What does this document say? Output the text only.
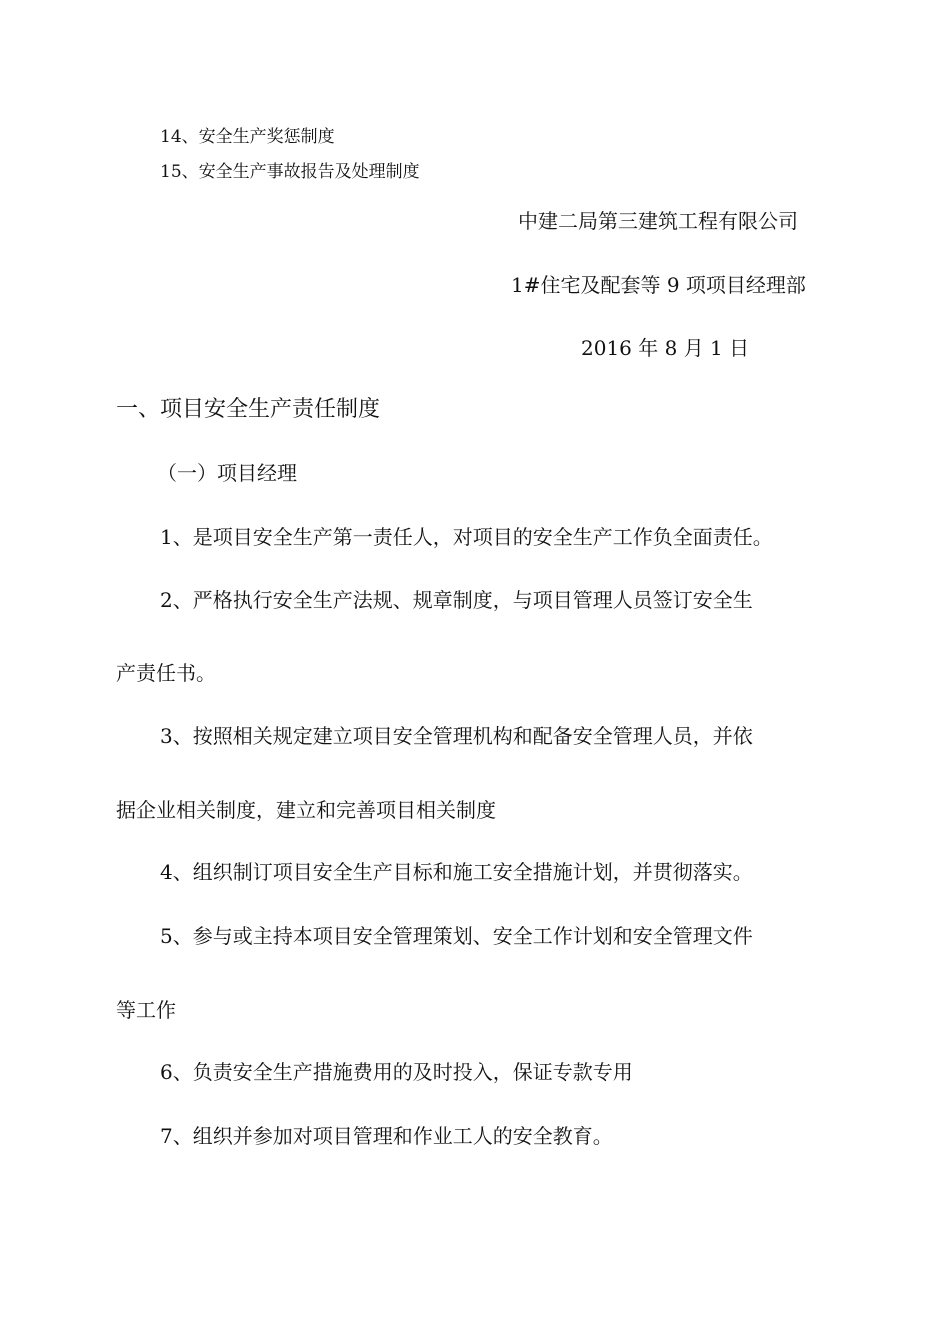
14、安全生产奖惩制度
15、安全生产事故报告及处理制度
中建二局第三建筑工程有限公司
1#住宅及配套等 9 项项目经理部
2016 年 8 月 1 日
一、项目安全生产责任制度
（一）项目经理
1、是项目安全生产第一责任人，对项目的安全生产工作负全面责任。
2、严格执行安全生产法规、规章制度，与项目管理人员签订安全生
产责任书。
3、按照相关规定建立项目安全管理机构和配备安全管理人员，并依
据企业相关制度，建立和完善项目相关制度
4、组织制订项目安全生产目标和施工安全措施计划，并贯彻落实。
5、参与或主持本项目安全管理策划、安全工作计划和安全管理文件
等工作
6、负责安全生产措施费用的及时投入，保证专款专用
7、组织并参加对项目管理和作业工人的安全教育。
